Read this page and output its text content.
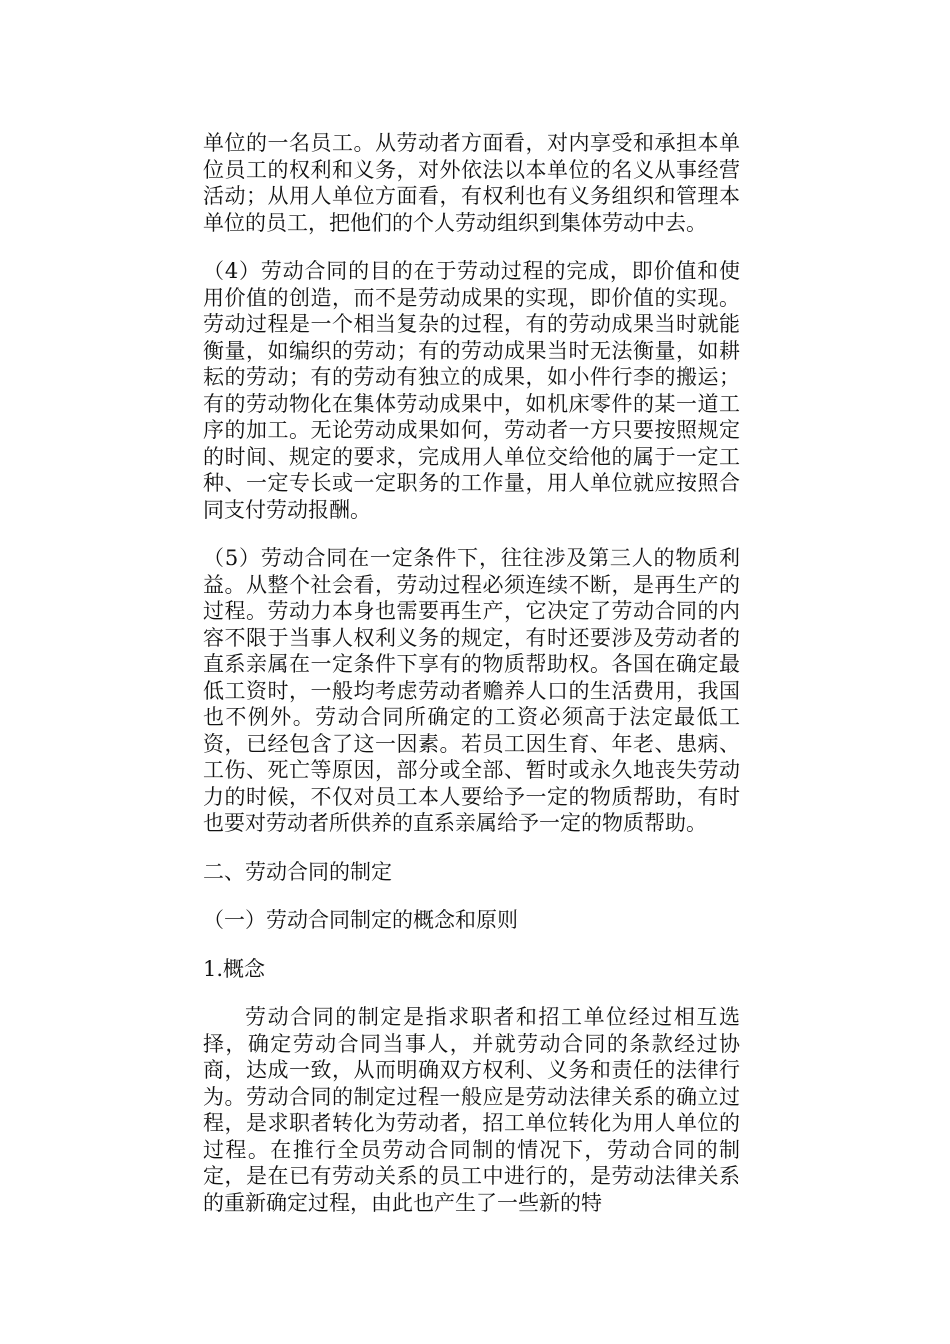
单位的一名员工。从劳动者方面看，对内享受和承担本单位员工的权利和义务，对外依法以本单位的名义从事经营活动；从用人单位方面看，有权利也有义务组织和管理本单位的员工，把他们的个人劳动组织到集体劳动中去。

（4）劳动合同的目的在于劳动过程的完成，即价值和使用价值的创造，而不是劳动成果的实现，即价值的实现。劳动过程是一个相当复杂的过程，有的劳动成果当时就能衡量，如编织的劳动；有的劳动成果当时无法衡量，如耕耘的劳动；有的劳动有独立的成果，如小件行李的搬运；有的劳动物化在集体劳动成果中，如机床零件的某一道工序的加工。无论劳动成果如何，劳动者一方只要按照规定的时间、规定的要求，完成用人单位交给他的属于一定工种、一定专长或一定职务的工作量，用人单位就应按照合同支付劳动报酬。

（5）劳动合同在一定条件下，往往涉及第三人的物质利益。从整个社会看，劳动过程必须连续不断，是再生产的过程。劳动力本身也需要再生产，它决定了劳动合同的内容不限于当事人权利义务的规定，有时还要涉及劳动者的直系亲属在一定条件下享有的物质帮助权。各国在确定最低工资时，一般均考虑劳动者赡养人口的生活费用，我国也不例外。劳动合同所确定的工资必须高于法定最低工资，已经包含了这一因素。若员工因生育、年老、患病、工伤、死亡等原因，部分或全部、暂时或永久地丧失劳动力的时候，不仅对员工本人要给予一定的物质帮助，有时也要对劳动者所供养的直系亲属给予一定的物质帮助。

二、劳动合同的制定

（一）劳动合同制定的概念和原则

1.概念

劳动合同的制定是指求职者和招工单位经过相互选择，确定劳动合同当事人，并就劳动合同的条款经过协商，达成一致，从而明确双方权利、义务和责任的法律行为。劳动合同的制定过程一般应是劳动法律关系的确立过程，是求职者转化为劳动者，招工单位转化为用人单位的过程。在推行全员劳动合同制的情况下，劳动合同的制定，是在已有劳动关系的员工中进行的，是劳动法律关系的重新确定过程，由此也产生了一些新的特
